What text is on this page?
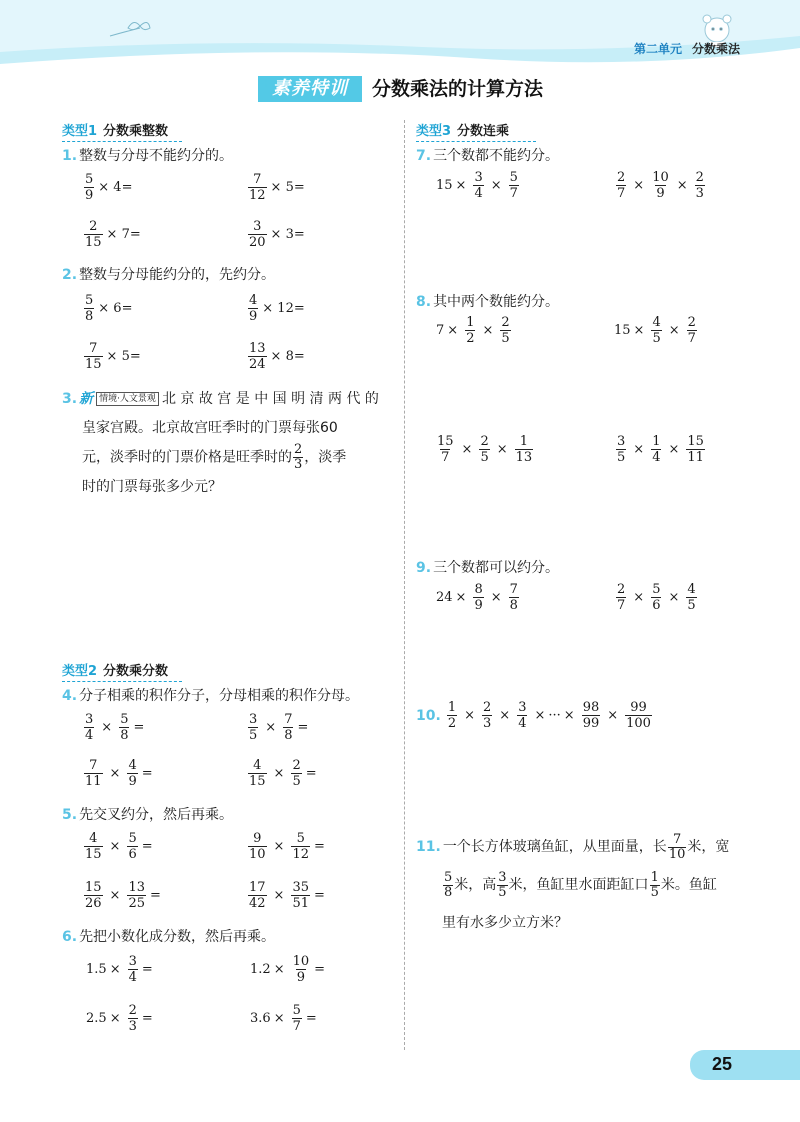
第二单元 分数乘法
+ 素养特训	分数乘法的计算方法
类型1 分数乘整数
1. 整数与分母不能约分的。
$\frac{5}{9} \times 4=$	$\frac{7}{12} \times 5=$
$\frac{2}{15} \times 7=$	$\frac{3}{20} \times 3=$
2. 整数与分母能约分的，先约分。
$\frac{5}{8} \times 6=$	$\frac{4}{9} \times 12=$
$\frac{7}{15} \times 5=$	$\frac{13}{24} \times 8=$
3. 新 情境·人文景观 北 京 故 宫 是 中 国 明 清 两 代 的
皇家宫殿。北京故宫旺季时的门票每张60
元，淡季时的门票价格是旺季时的 $\frac{2}{3}$ ，淡季
时的门票每张多少元？
类型2 分数乘分数
4. 分子相乘的积作分子，分母相乘的积作分母。
$\frac{3}{4} \times \frac{5}{8}$ =	$\frac{3}{5} \times \frac{7}{8}$ =
$\frac{7}{11} \times \frac{4}{9}$ =	$\frac{4}{15} \times \frac{2}{5}$ =
5. 先交叉约分，然后再乘。
$\frac{4}{15} \times \frac{5}{6}$ =	$\frac{9}{10} \times \frac{5}{12}$ =
$\frac{15}{26} \times \frac{13}{25}$ =	$\frac{17}{42} \times \frac{35}{51}$ =
6. 先把小数化成分数，然后再乘。
$1.5 \times \frac{3}{4}$ =	$1.2 \times \frac{10}{9}$ =
$2.5 \times \frac{2}{3}$ =	$3.6 \times \frac{5}{7}$ =
类型3 分数连乘
7. 三个数都不能约分。
$15 \times \frac{3}{4} \times \frac{5}{7}$	$\frac{2}{7} \times \frac{10}{9} \times \frac{2}{3}$
8. 其中两个数能约分。
$7 \times \frac{1}{2} \times \frac{2}{5}$	$15 \times \frac{4}{5} \times \frac{2}{7}$
$\frac{15}{7} \times \frac{2}{5} \times \frac{1}{13}$	$\frac{3}{5} \times \frac{1}{4} \times \frac{15}{11}$
9. 三个数都可以约分。
$24 \times \frac{8}{9} \times \frac{7}{8}$	$\frac{2}{7} \times \frac{5}{6} \times \frac{4}{5}$
10. $\frac{1}{2} \times \frac{2}{3} \times \frac{3}{4}$ × ··· × $\frac{98}{99} \times \frac{99}{100}$
11. 一个长方体玻璃鱼缸，从里面量，长 $\frac{7}{10}$ 米，宽
$\frac{5}{8}$ 米，高 $\frac{3}{5}$ 米，鱼缸里水面距缸口 $\frac{1}{5}$ 米。鱼缸
里有水多少立方米？
25
